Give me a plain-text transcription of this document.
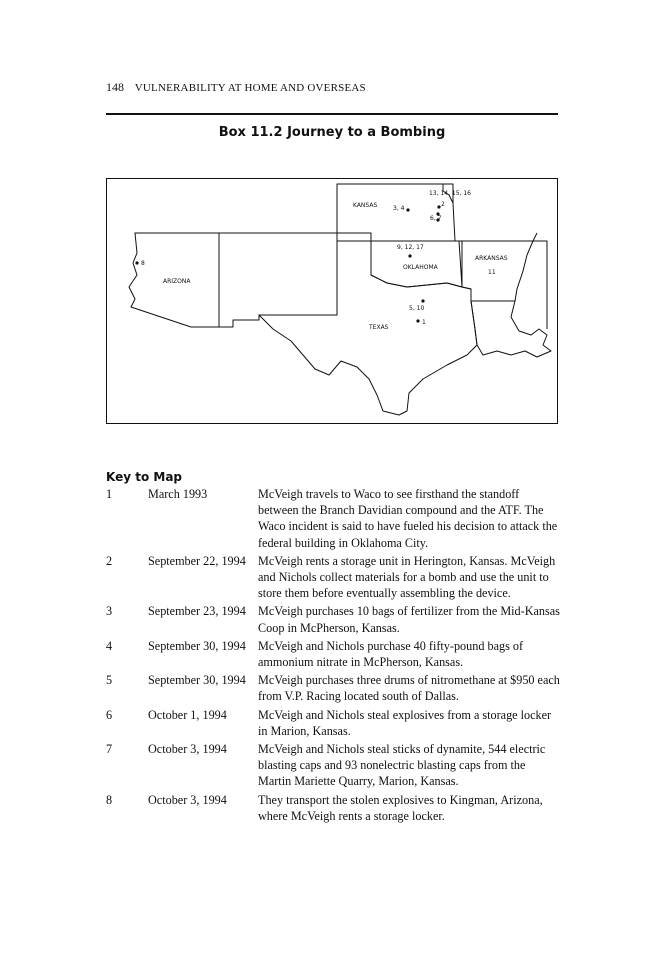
148 VULNERABILITY AT HOME AND OVERSEAS
Box 11.2 Journey to a Bombing
KANSAS
OKLAHOMA
ARKANSAS
ARIZONA
TEXAS
13, 14, 15, 16
2
3, 4
6, 7
9, 12, 17
11
8
5, 10
1
Key to Map
1	March 1993	McVeigh travels to Waco to see firsthand the standoff between the Branch Davidian compound and the ATF. The Waco incident is said to have fueled his decision to attack the federal building in Oklahoma City.
2	September 22, 1994 McVeigh rents a storage unit in Herington, Kansas. McVeigh and Nichols collect materials for a bomb and use the unit to store them before eventually assembling the device.
3	September 23, 1994 McVeigh purchases 10 bags of fertilizer from the Mid-Kansas Coop in McPherson, Kansas.
4	September 30, 1994 McVeigh and Nichols purchase 40 fifty-pound bags of ammonium nitrate in McPherson, Kansas.
5	September 30, 1994 McVeigh purchases three drums of nitromethane at $950 each from V.P. Racing located south of Dallas.
6	October 1, 1994	McVeigh and Nichols steal explosives from a storage locker in Marion, Kansas.
7	October 3, 1994	McVeigh and Nichols steal sticks of dynamite, 544 electric blasting caps and 93 nonelectric blasting caps from the Martin Mariette Quarry, Marion, Kansas.
8	October 3, 1994	They transport the stolen explosives to Kingman, Arizona, where McVeigh rents a storage locker.
